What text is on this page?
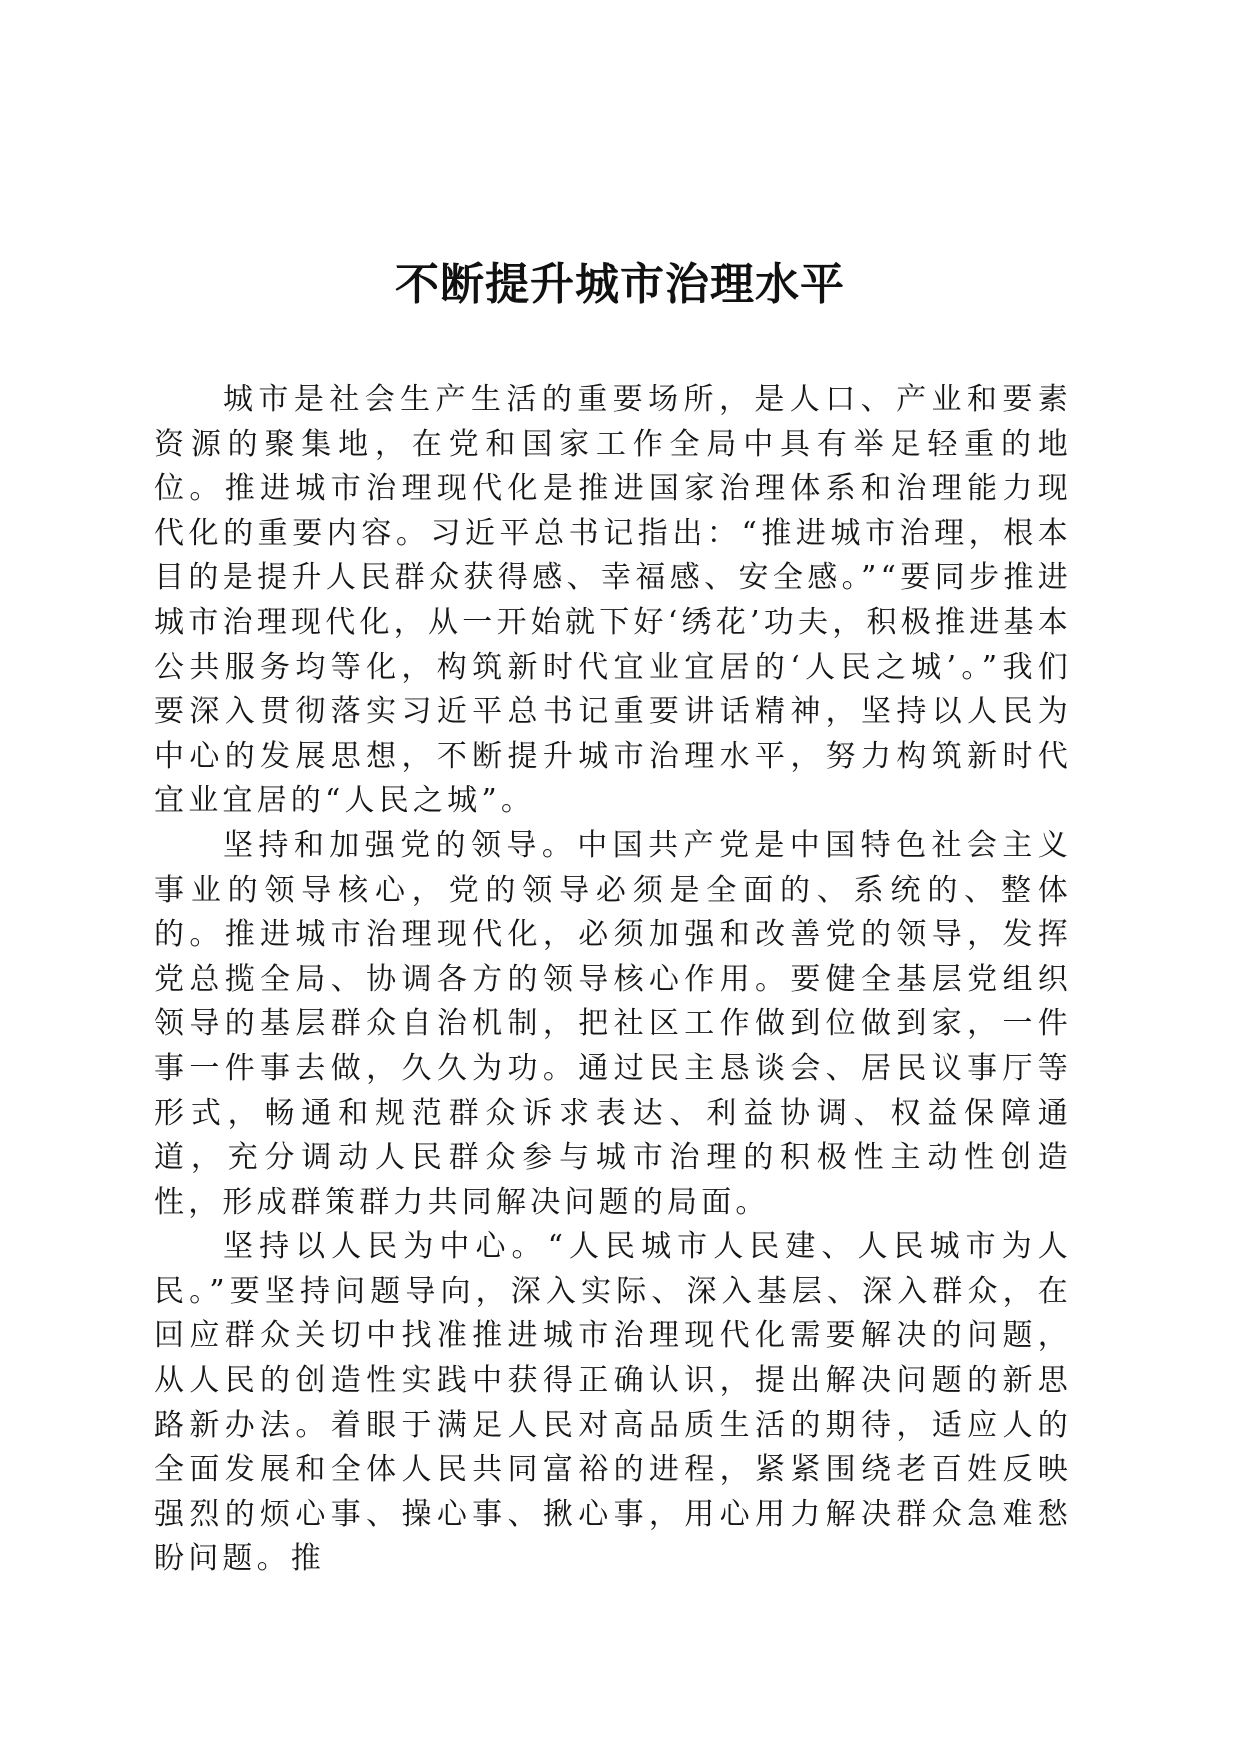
不断提升城市治理水平

城市是社会生产生活的重要场所，是人口、产业和要素资源的聚集地，在党和国家工作全局中具有举足轻重的地位。推进城市治理现代化是推进国家治理体系和治理能力现代化的重要内容。习近平总书记指出：“推进城市治理，根本目的是提升人民群众获得感、幸福感、安全感。”“要同步推进城市治理现代化，从一开始就下好‘绣花’功夫，积极推进基本公共服务均等化，构筑新时代宜业宜居的‘人民之城’。”我们要深入贯彻落实习近平总书记重要讲话精神，坚持以人民为中心的发展思想，不断提升城市治理水平，努力构筑新时代宜业宜居的“人民之城”。

坚持和加强党的领导。中国共产党是中国特色社会主义事业的领导核心，党的领导必须是全面的、系统的、整体的。推进城市治理现代化，必须加强和改善党的领导，发挥党总揽全局、协调各方的领导核心作用。要健全基层党组织领导的基层群众自治机制，把社区工作做到位做到家，一件事一件事去做，久久为功。通过民主恳谈会、居民议事厅等形式，畅通和规范群众诉求表达、利益协调、权益保障通道，充分调动人民群众参与城市治理的积极性主动性创造性，形成群策群力共同解决问题的局面。

坚持以人民为中心。“人民城市人民建、人民城市为人民。”要坚持问题导向，深入实际、深入基层、深入群众，在回应群众关切中找准推进城市治理现代化需要解决的问题，从人民的创造性实践中获得正确认识，提出解决问题的新思路新办法。着眼于满足人民对高品质生活的期待，适应人的全面发展和全体人民共同富裕的进程，紧紧围绕老百姓反映强烈的烦心事、操心事、揪心事，用心用力解决群众急难愁盼问题。推
